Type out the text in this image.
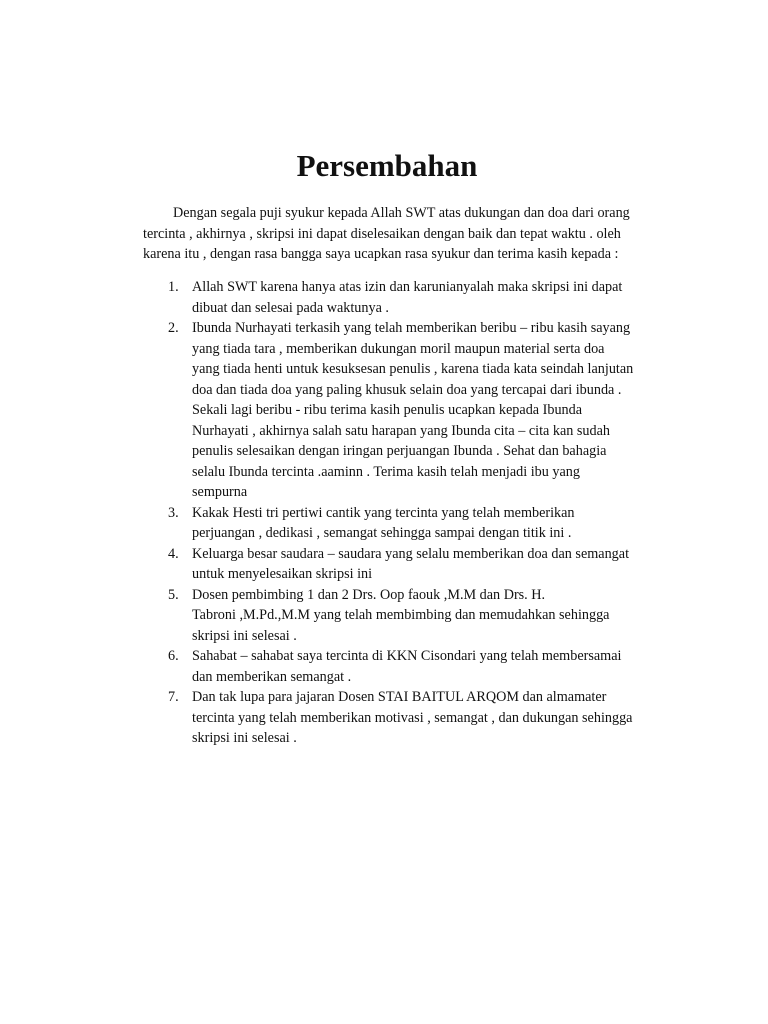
Persembahan

Dengan segala puji syukur kepada Allah SWT atas dukungan dan doa dari orang
tercinta , akhirnya , skripsi ini dapat diselesaikan dengan baik dan tepat waktu . oleh
karena itu , dengan rasa bangga saya ucapkan rasa syukur dan terima kasih kepada :

1. Allah SWT karena hanya atas izin dan karunianyalah maka skripsi ini dapat
dibuat dan selesai pada waktunya .
2. Ibunda Nurhayati terkasih yang telah memberikan beribu – ribu kasih sayang
yang tiada tara , memberikan dukungan moril maupun material serta doa
yang tiada henti untuk kesuksesan penulis , karena tiada kata seindah lanjutan
doa dan tiada doa yang paling khusuk selain doa yang tercapai dari ibunda .
Sekali lagi beribu - ribu terima kasih penulis ucapkan kepada Ibunda
Nurhayati , akhirnya salah satu harapan yang Ibunda cita – cita kan sudah
penulis selesaikan dengan iringan perjuangan Ibunda . Sehat dan bahagia
selalu Ibunda tercinta .aaminn . Terima kasih telah menjadi ibu yang
sempurna
3. Kakak Hesti tri pertiwi cantik yang tercinta yang telah memberikan
perjuangan , dedikasi , semangat sehingga sampai dengan titik ini .
4. Keluarga besar saudara – saudara yang selalu memberikan doa dan semangat
untuk menyelesaikan skripsi ini
5. Dosen pembimbing 1 dan 2 Drs. Oop faouk ,M.M dan Drs. H.
Tabroni ,M.Pd.,M.M yang telah membimbing dan memudahkan sehingga
skripsi ini selesai .
6. Sahabat – sahabat saya tercinta di KKN Cisondari yang telah membersamai
dan memberikan semangat .
7. Dan tak lupa para jajaran Dosen STAI BAITUL ARQOM dan almamater
tercinta yang telah memberikan motivasi , semangat , dan dukungan sehingga
skripsi ini selesai .
